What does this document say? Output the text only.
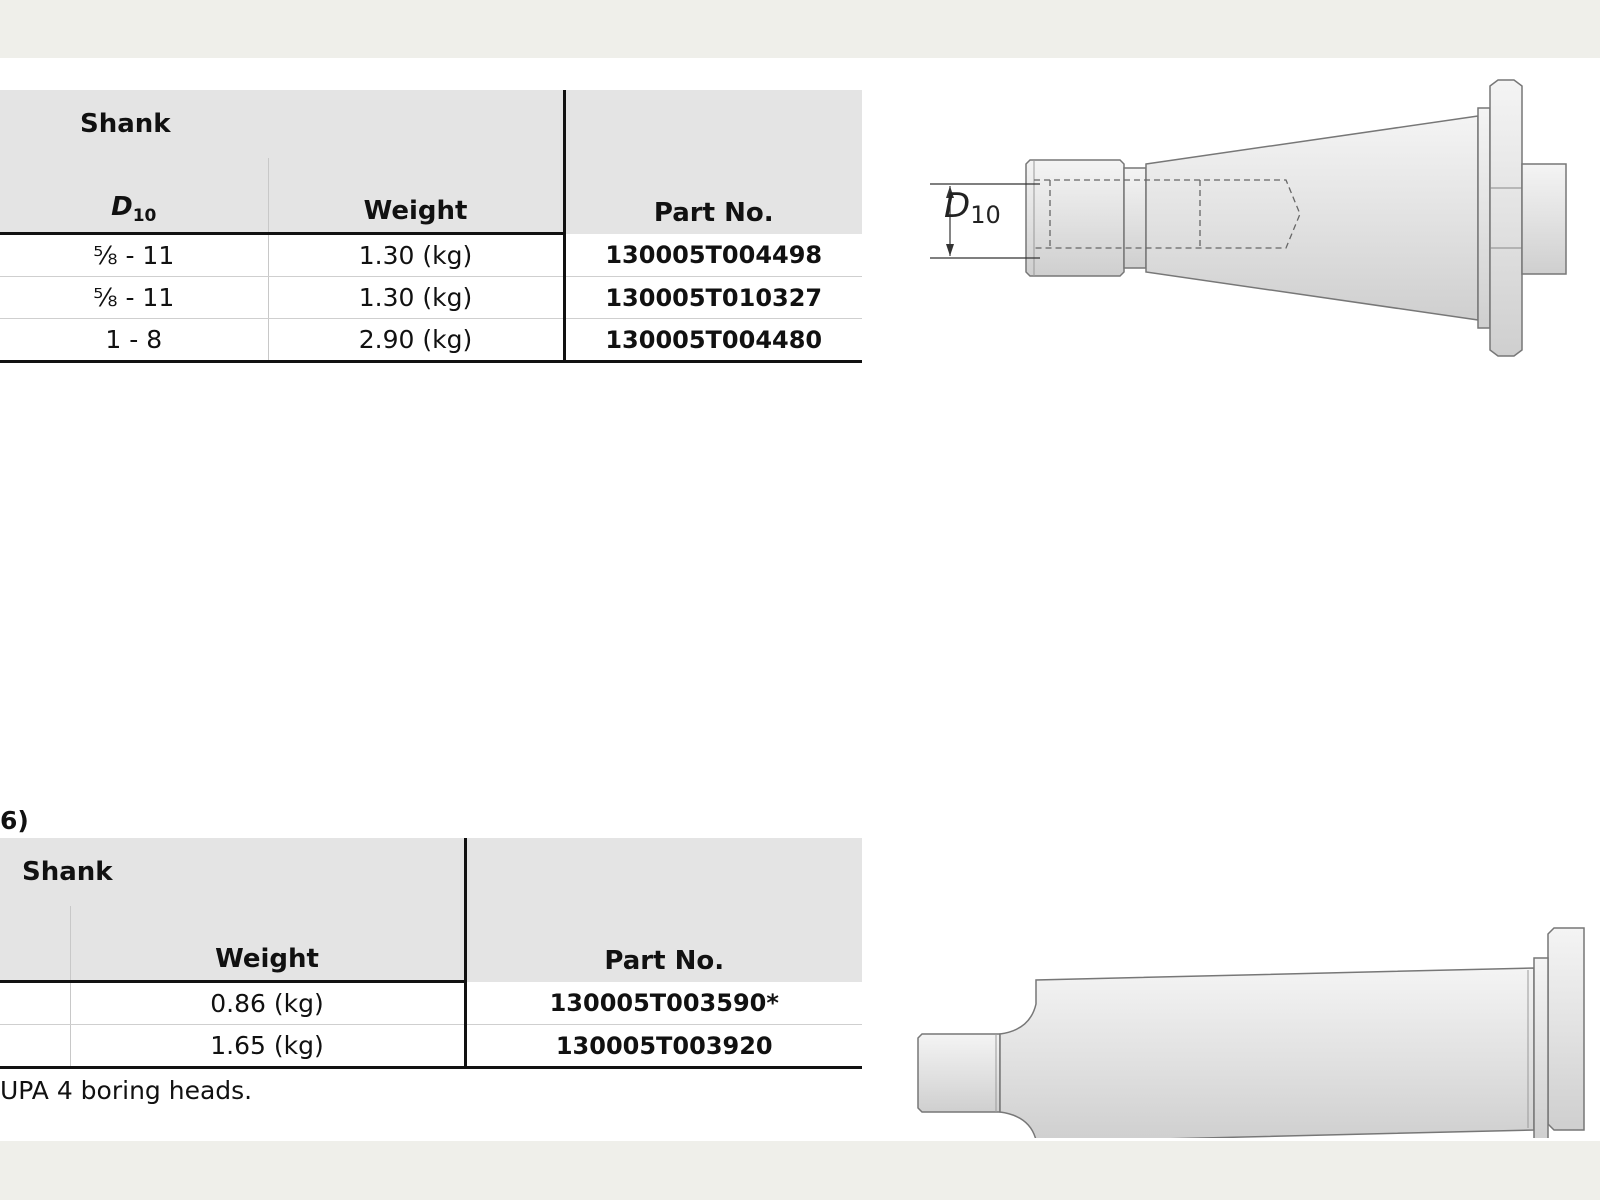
Shank		Part No.
$D_{10}$	Weight	
⅝ - 11	1.30 (kg)	130005T004498
⅝ - 11	1.30 (kg)	130005T010327
1 - 8	2.90 (kg)	130005T004480
D10
6)
Shank		Part No.
	Weight	
	0.86 (kg)	130005T003590*
	1.65 (kg)	130005T003920
UPA 4 boring heads.
